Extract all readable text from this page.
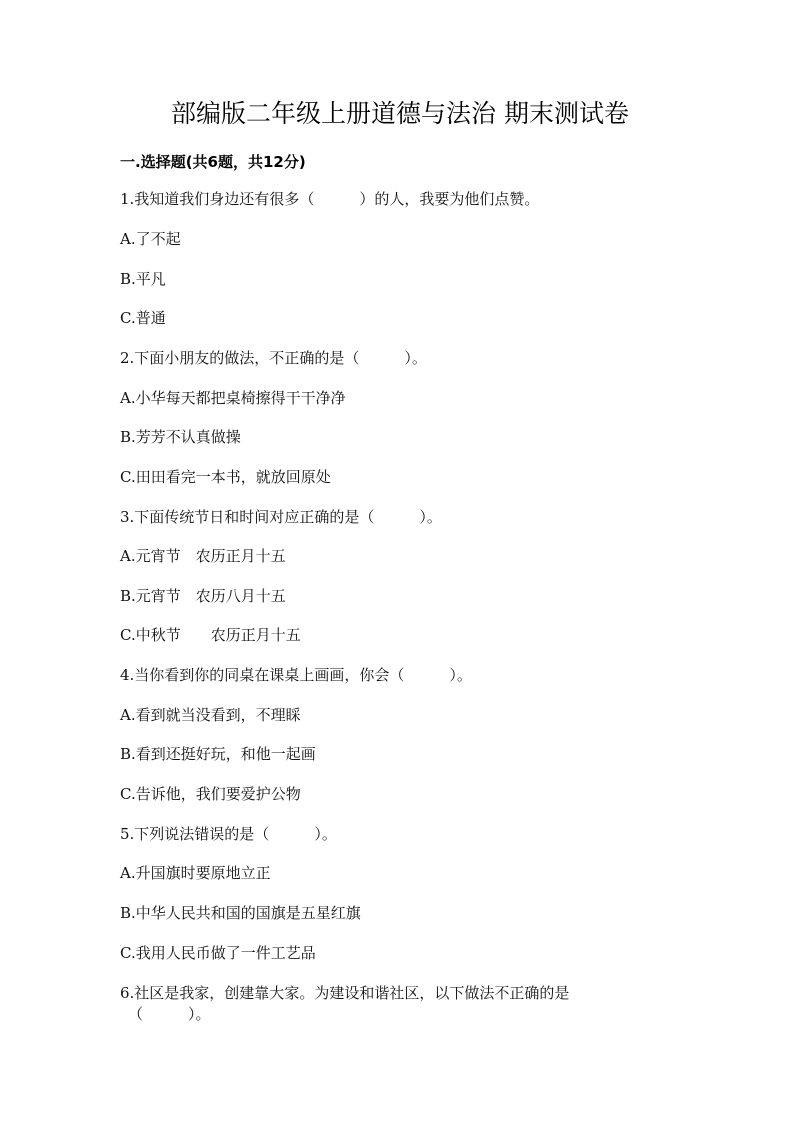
部编版二年级上册道德与法治 期末测试卷
一.选择题(共6题，共12分)
1.我知道我们身边还有很多（　　　）的人，我要为他们点赞。
A.了不起
B.平凡
C.普通
2.下面小朋友的做法，不正确的是（　　　）。
A.小华每天都把桌椅擦得干干净净
B.芳芳不认真做操
C.田田看完一本书，就放回原处
3.下面传统节日和时间对应正确的是（　　　）。
A.元宵节　农历正月十五
B.元宵节　农历八月十五
C.中秋节　　农历正月十五
4.当你看到你的同桌在课桌上画画，你会（　　　）。
A.看到就当没看到，不理睬
B.看到还挺好玩，和他一起画
C.告诉他，我们要爱护公物
5.下列说法错误的是（　　　）。
A.升国旗时要原地立正
B.中华人民共和国的国旗是五星红旗
C.我用人民币做了一件工艺品
6.社区是我家，创建靠大家。为建设和谐社区，以下做法不正确的是
（　　　）。
